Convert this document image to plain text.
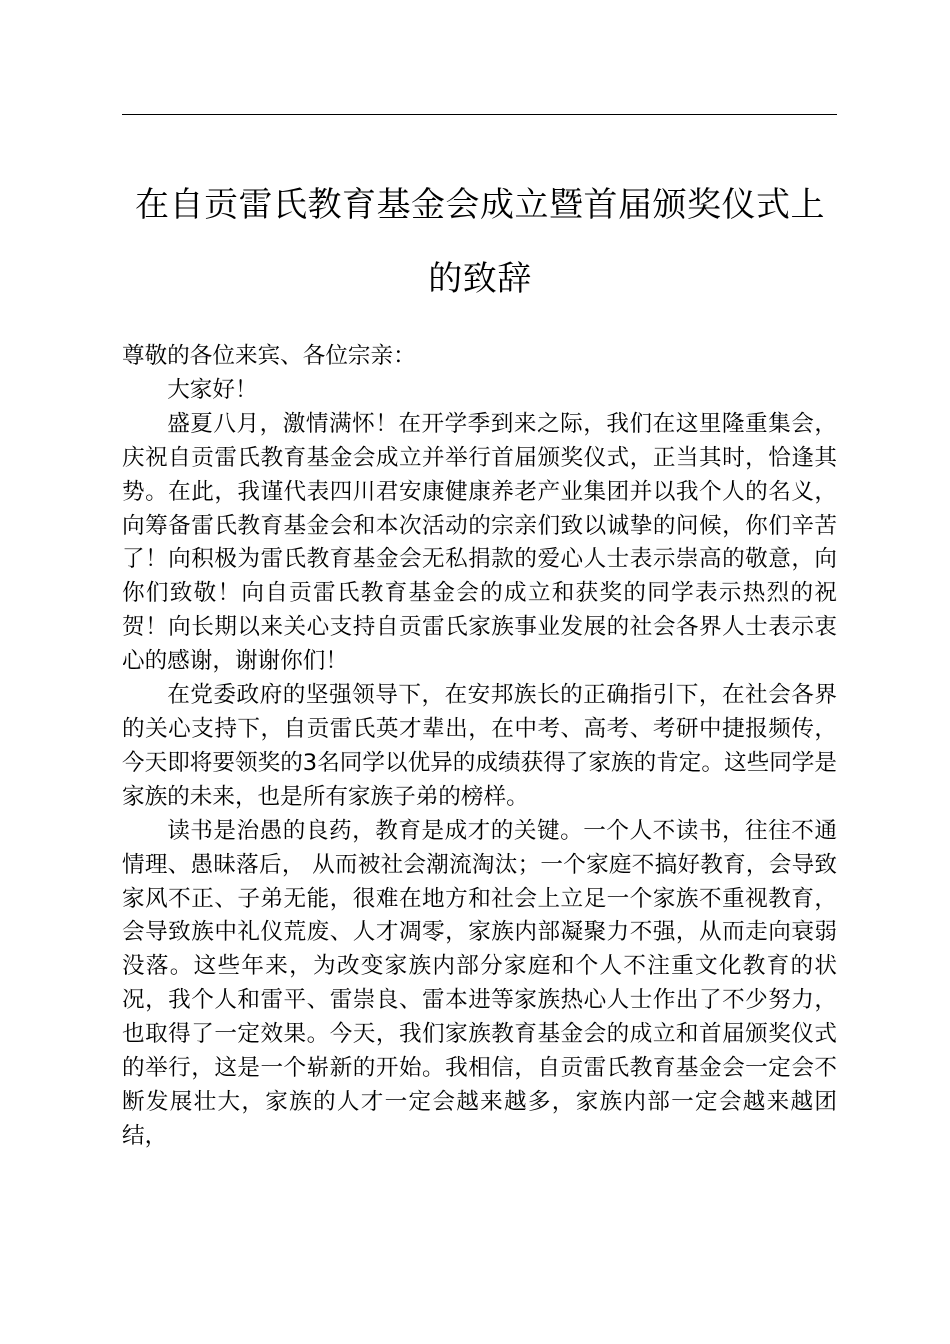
在自贡雷氏教育基金会成立暨首届颁奖仪式上
的致辞

尊敬的各位来宾、各位宗亲：

大家好！

盛夏八月，激情满怀！在开学季到来之际，我们在这里隆重集会，庆祝自贡雷氏教育基金会成立并举行首届颁奖仪式，正当其时，恰逢其势。在此，我谨代表四川君安康健康养老产业集团并以我个人的名义，向筹备雷氏教育基金会和本次活动的宗亲们致以诚挚的问候，你们辛苦了！向积极为雷氏教育基金会无私捐款的爱心人士表示崇高的敬意，向你们致敬！向自贡雷氏教育基金会的成立和获奖的同学表示热烈的祝贺！向长期以来关心支持自贡雷氏家族事业发展的社会各界人士表示衷心的感谢，谢谢你们！

在党委政府的坚强领导下，在安邦族长的正确指引下，在社会各界的关心支持下，自贡雷氏英才辈出，在中考、高考、考研中捷报频传，今天即将要领奖的3名同学以优异的成绩获得了家族的肯定。这些同学是家族的未来，也是所有家族子弟的榜样。

读书是治愚的良药，教育是成才的关键。一个人不读书，往往不通情理、愚昧落后， 从而被社会潮流淘汰；一个家庭不搞好教育，会导致家风不正、子弟无能，很难在地方和社会上立足一个家族不重视教育，会导致族中礼仪荒废、人才凋零，家族内部凝聚力不强，从而走向衰弱没落。这些年来，为改变家族内部分家庭和个人不注重文化教育的状况，我个人和雷平、雷崇良、雷本进等家族热心人士作出了不少努力，也取得了一定效果。今天，我们家族教育基金会的成立和首届颁奖仪式的举行，这是一个崭新的开始。我相信，自贡雷氏教育基金会一定会不断发展壮大，家族的人才一定会越来越多，家族内部一定会越来越团结，
